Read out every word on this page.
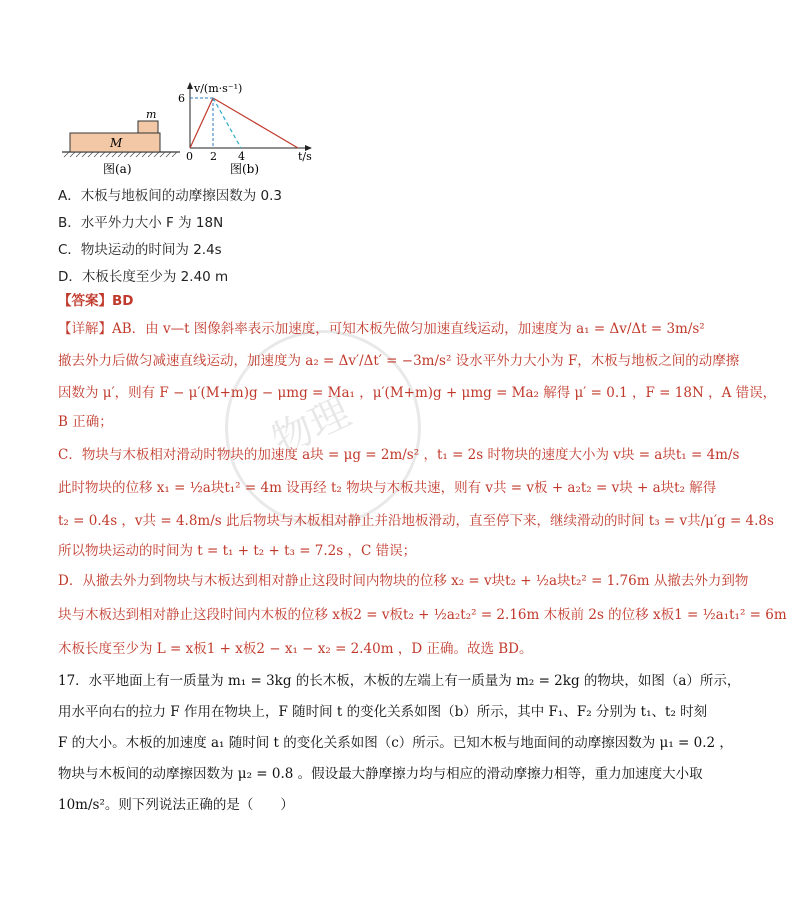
M
m
图(a)
v/(m·s⁻¹)
t/s
6
0 2 4
图(b)
物理
A．木板与地板间的动摩擦因数为 0.3
B．水平外力大小 F 为 18N
C．物块运动的时间为 2.4s
D．木板长度至少为 2.40 m
【答案】BD
【详解】AB．由 v—t 图像斜率表示加速度，可知木板先做匀加速直线运动，加速度为 a₁ = Δv/Δt = 3m/s²
撤去外力后做匀减速直线运动，加速度为 a₂ = Δv′/Δt′ = −3m/s² 设水平外力大小为 F，木板与地板之间的动摩擦
因数为 μ′，则有 F − μ′(M+m)g − μmg = Ma₁ ，μ′(M+m)g + μmg = Ma₂ 解得 μ′ = 0.1 ，F = 18N ，A 错误，
B 正确；
C．物块与木板相对滑动时物块的加速度 a块 = μg = 2m/s² ，t₁ = 2s 时物块的速度大小为 v块 = a块t₁ = 4m/s
此时物块的位移 x₁ = ½a块t₁² = 4m 设再经 t₂ 物块与木板共速，则有 v共 = v板 + a₂t₂ = v块 + a块t₂ 解得
t₂ = 0.4s ，v共 = 4.8m/s 此后物块与木板相对静止并沿地板滑动，直至停下来，继续滑动的时间 t₃ = v共/μ′g = 4.8s
所以物块运动的时间为 t = t₁ + t₂ + t₃ = 7.2s ，C 错误；
D．从撤去外力到物块与木板达到相对静止这段时间内物块的位移 x₂ = v块t₂ + ½a块t₂² = 1.76m 从撤去外力到物
块与木板达到相对静止这段时间内木板的位移 x板2 = v板t₂ + ½a₂t₂² = 2.16m 木板前 2s 的位移 x板1 = ½a₁t₁² = 6m
木板长度至少为 L = x板1 + x板2 − x₁ − x₂ = 2.40m ，D 正确。故选 BD。
17．水平地面上有一质量为 m₁ = 3kg 的长木板，木板的左端上有一质量为 m₂ = 2kg 的物块，如图（a）所示，
用水平向右的拉力 F 作用在物块上，F 随时间 t 的变化关系如图（b）所示，其中 F₁、F₂ 分别为 t₁、t₂ 时刻
F 的大小。木板的加速度 a₁ 随时间 t 的变化关系如图（c）所示。已知木板与地面间的动摩擦因数为 μ₁ = 0.2 ，
物块与木板间的动摩擦因数为 μ₂ = 0.8 。假设最大静摩擦力均与相应的滑动摩擦力相等，重力加速度大小取
10m/s²。则下列说法正确的是（　　）
